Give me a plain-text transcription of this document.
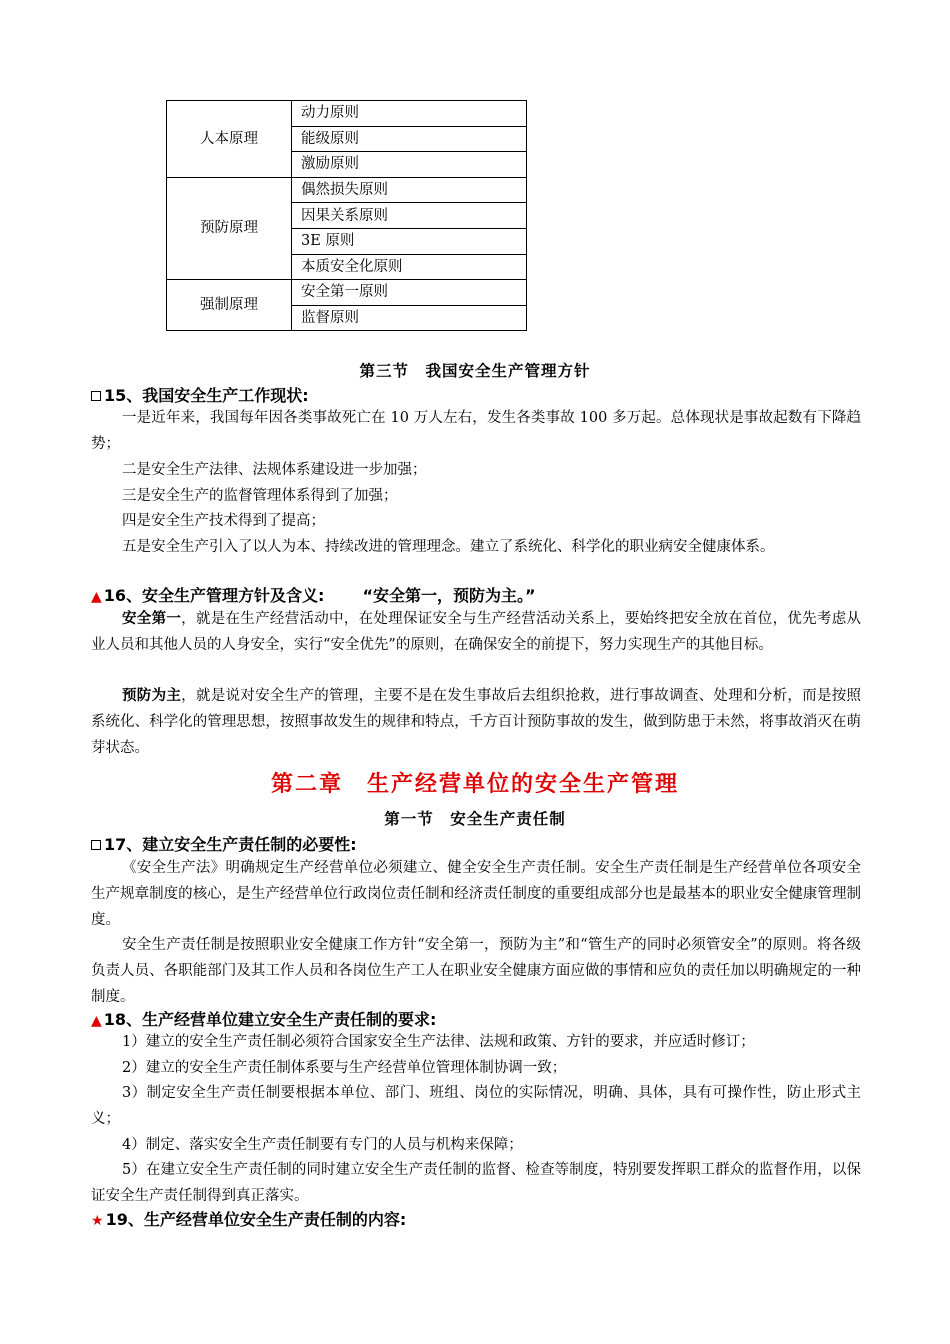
人本原理	动力原则
	能级原则
	激励原则
预防原理	偶然损失原则
	因果关系原则
	3E 原则
	本质安全化原则
强制原理	安全第一原则
	监督原则
第三节　我国安全生产管理方针
15、我国安全生产工作现状:
一是近年来，我国每年因各类事故死亡在 10 万人左右，发生各类事故 100 多万起。总体现状是事故起数有下降趋势；
二是安全生产法律、法规体系建设进一步加强；
三是安全生产的监督管理体系得到了加强；
四是安全生产技术得到了提高；
五是安全生产引入了以人为本、持续改进的管理理念。建立了系统化、科学化的职业病安全健康体系。
▲ 16、安全生产管理方针及含义: “安全第一，预防为主。”
安全第一，就是在生产经营活动中，在处理保证安全与生产经营活动关系上，要始终把安全放在首位，优先考虑从业人员和其他人员的人身安全，实行“安全优先”的原则，在确保安全的前提下，努力实现生产的其他目标。
预防为主，就是说对安全生产的管理，主要不是在发生事故后去组织抢救，进行事故调查、处理和分析，而是按照系统化、科学化的管理思想，按照事故发生的规律和特点，千方百计预防事故的发生，做到防患于未然，将事故消灭在萌芽状态。
第二章　生产经营单位的安全生产管理
第一节　安全生产责任制
17、建立安全生产责任制的必要性:
《安全生产法》明确规定生产经营单位必须建立、健全安全生产责任制。安全生产责任制是生产经营单位各项安全生产规章制度的核心，是生产经营单位行政岗位责任制和经济责任制度的重要组成部分也是最基本的职业安全健康管理制度。
安全生产责任制是按照职业安全健康工作方针“安全第一，预防为主”和“管生产的同时必须管安全”的原则。将各级负责人员、各职能部门及其工作人员和各岗位生产工人在职业安全健康方面应做的事情和应负的责任加以明确规定的一种制度。
▲ 18、生产经营单位建立安全生产责任制的要求:
1）建立的安全生产责任制必须符合国家安全生产法律、法规和政策、方针的要求，并应适时修订；
2）建立的安全生产责任制体系要与生产经营单位管理体制协调一致；
3）制定安全生产责任制要根据本单位、部门、班组、岗位的实际情况，明确、具体，具有可操作性，防止形式主义；
4）制定、落实安全生产责任制要有专门的人员与机构来保障；
5）在建立安全生产责任制的同时建立安全生产责任制的监督、检查等制度，特别要发挥职工群众的监督作用，以保证安全生产责任制得到真正落实。
★ 19、生产经营单位安全生产责任制的内容:
